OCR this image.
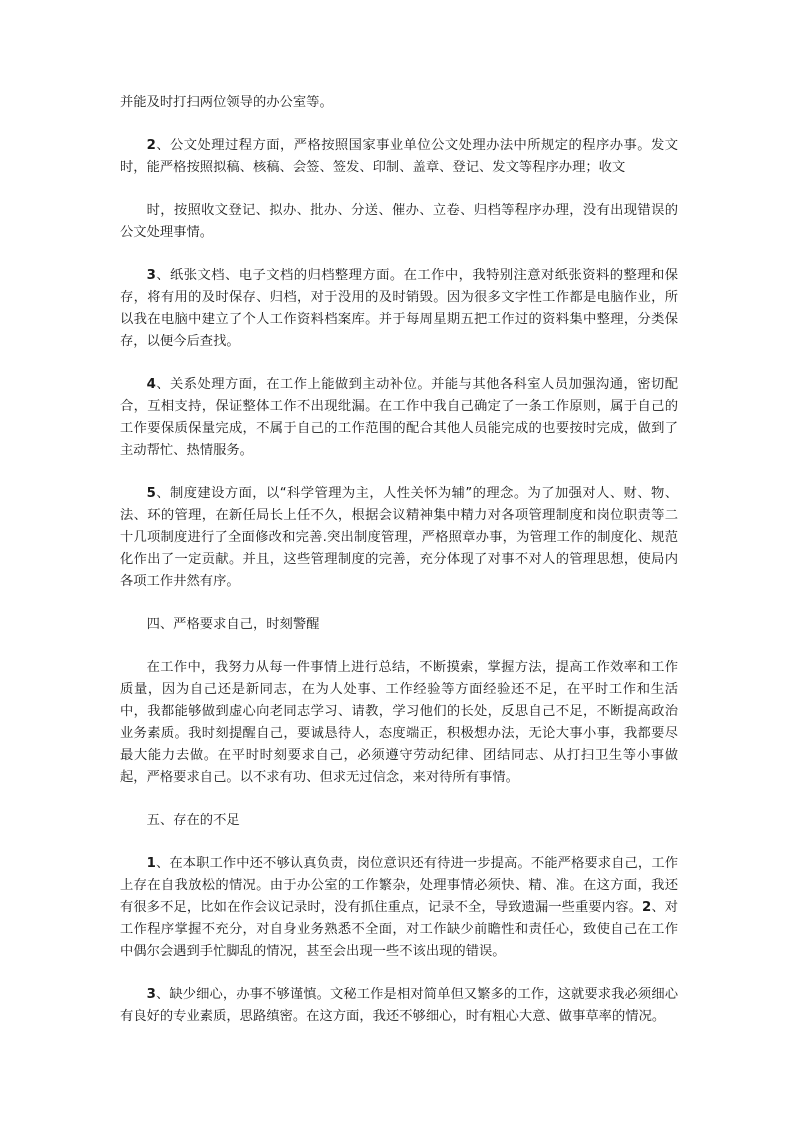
并能及时打扫两位领导的办公室等。

2、公文处理过程方面，严格按照国家事业单位公文处理办法中所规定的程序办事。发文时，能严格按照拟稿、核稿、会签、签发、印制、盖章、登记、发文等程序办理；收文

时，按照收文登记、拟办、批办、分送、催办、立卷、归档等程序办理，没有出现错误的公文处理事情。

3、纸张文档、电子文档的归档整理方面。在工作中，我特别注意对纸张资料的整理和保存，将有用的及时保存、归档，对于没用的及时销毁。因为很多文字性工作都是电脑作业，所以我在电脑中建立了个人工作资料档案库。并于每周星期五把工作过的资料集中整理，分类保存，以便今后查找。

4、关系处理方面，在工作上能做到主动补位。并能与其他各科室人员加强沟通，密切配合，互相支持，保证整体工作不出现纰漏。在工作中我自己确定了一条工作原则，属于自己的工作要保质保量完成，不属于自己的工作范围的配合其他人员能完成的也要按时完成，做到了主动帮忙、热情服务。

5、制度建设方面，以“科学管理为主，人性关怀为辅”的理念。为了加强对人、财、物、法、环的管理，在新任局长上任不久，根据会议精神集中精力对各项管理制度和岗位职责等二十几项制度进行了全面修改和完善.突出制度管理，严格照章办事，为管理工作的制度化、规范化作出了一定贡献。并且，这些管理制度的完善，充分体现了对事不对人的管理思想，使局内各项工作井然有序。

四、严格要求自己，时刻警醒

在工作中，我努力从每一件事情上进行总结，不断摸索，掌握方法，提高工作效率和工作质量，因为自己还是新同志，在为人处事、工作经验等方面经验还不足，在平时工作和生活中，我都能够做到虚心向老同志学习、请教，学习他们的长处，反思自己不足，不断提高政治业务素质。我时刻提醒自己，要诚恳待人，态度端正，积极想办法，无论大事小事，我都要尽最大能力去做。在平时时刻要求自己，必须遵守劳动纪律、团结同志、从打扫卫生等小事做起，严格要求自己。以不求有功、但求无过信念，来对待所有事情。

五、存在的不足

1、在本职工作中还不够认真负责，岗位意识还有待进一步提高。不能严格要求自己，工作上存在自我放松的情况。由于办公室的工作繁杂，处理事情必须快、精、准。在这方面，我还有很多不足，比如在作会议记录时，没有抓住重点，记录不全，导致遗漏一些重要内容。2、对工作程序掌握不充分，对自身业务熟悉不全面，对工作缺少前瞻性和责任心，致使自己在工作中偶尔会遇到手忙脚乱的情况，甚至会出现一些不该出现的错误。

3、缺少细心，办事不够谨慎。文秘工作是相对简单但又繁多的工作，这就要求我必须细心有良好的专业素质，思路缜密。在这方面，我还不够细心，时有粗心大意、做事草率的情况。
